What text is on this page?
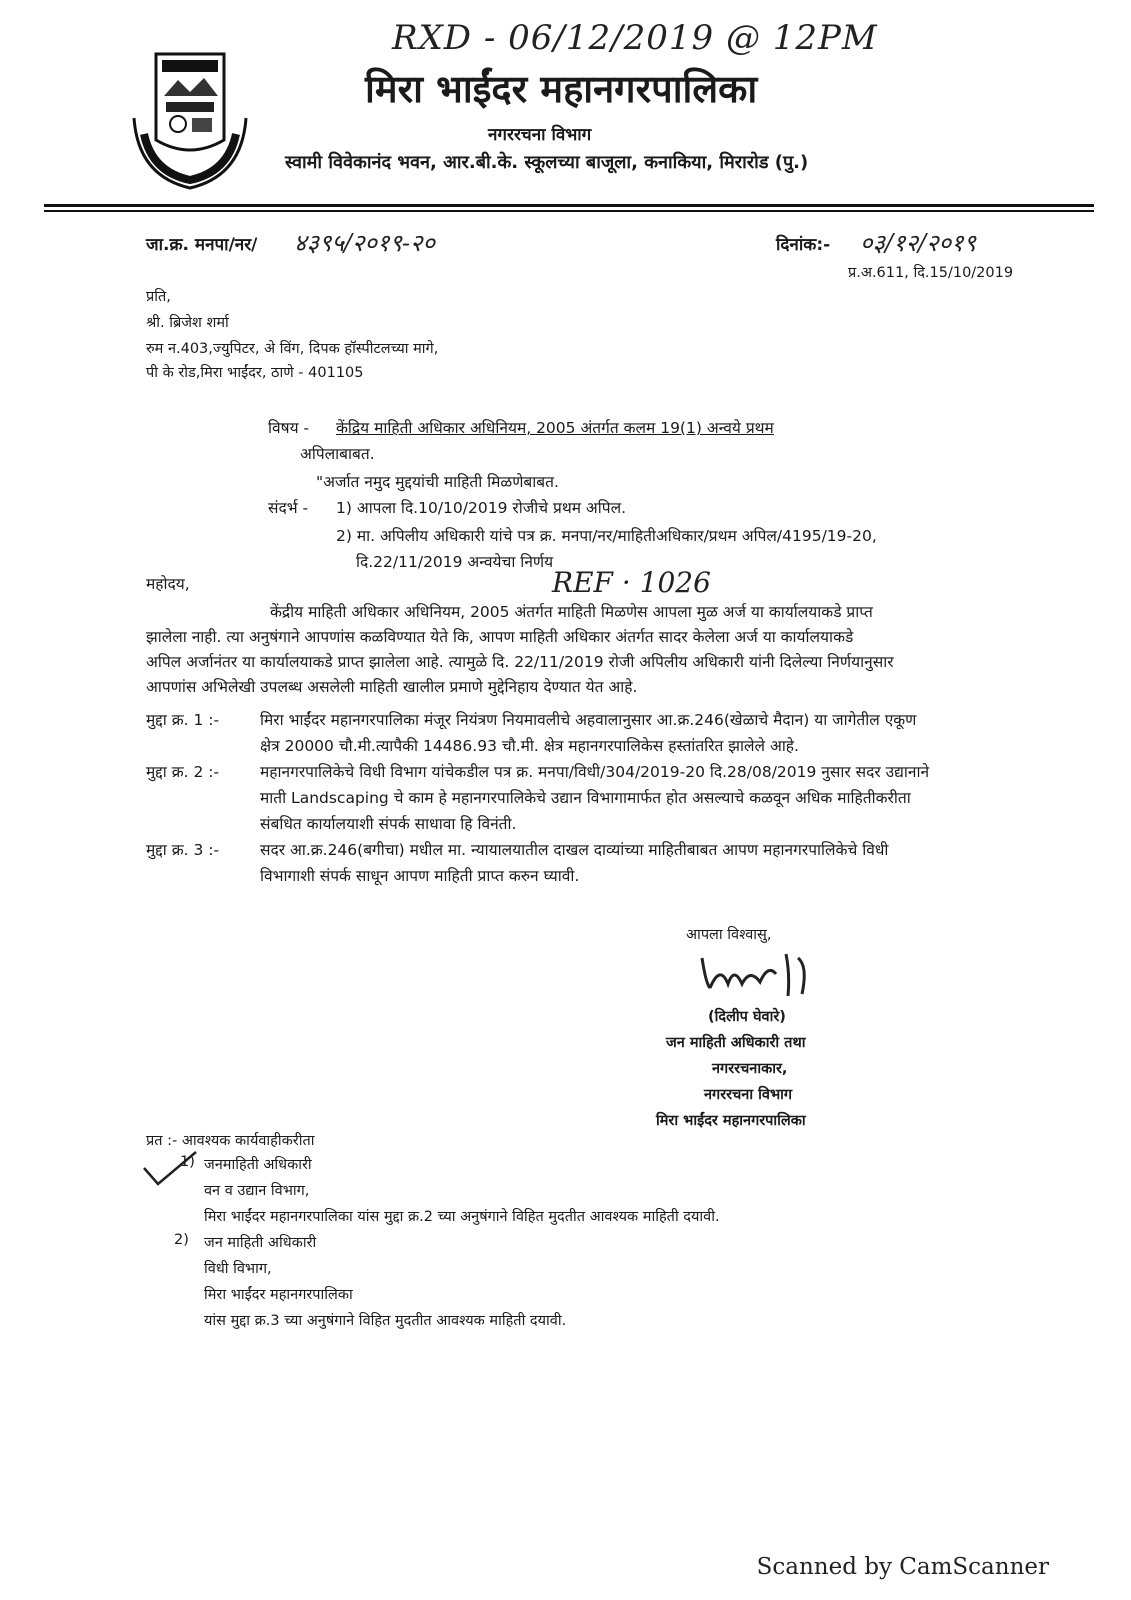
RXD - 06/12/2019 @ 12PM
मिरा भाईंदर महानगरपालिका
नगररचना विभाग
स्वामी विवेकानंद भवन, आर.बी.के. स्कूलच्या बाजूला, कनाकिया, मिरारोड (पु.)
जा.क्र. मनपा/नर/ ४३९५/२०१९-२०	दिनांक:- ०३/१२/२०१९
प्र.अ.611, दि.15/10/2019
प्रति,
श्री. ब्रिजेश शर्मा
रुम न.403,ज्युपिटर, अे विंग, दिपक हॉस्पीटलच्या मागे,
पी के रोड,मिरा भाईंदर, ठाणे - 401105
विषय - केंद्रिय माहिती अधिकार अधिनियम, 2005 अंतर्गत कलम 19(1) अन्वये प्रथम
अपिलाबाबत.
"अर्जात नमुद मुद्दयांची माहिती मिळणेबाबत.
संदर्भ - 1) आपला दि.10/10/2019 रोजीचे प्रथम अपिल.
2) मा. अपिलीय अधिकारी यांचे पत्र क्र. मनपा/नर/माहितीअधिकार/प्रथम अपिल/4195/19-20,
दि.22/11/2019 अन्वयेचा निर्णय
महोदय,	REF · 1026
केंद्रीय माहिती अधिकार अधिनियम, 2005 अंतर्गत माहिती मिळणेस आपला मुळ अर्ज या कार्यालयाकडे प्राप्त
झालेला नाही. त्या अनुषंगाने आपणांस कळविण्यात येते कि, आपण माहिती अधिकार अंतर्गत सादर केलेला अर्ज या कार्यालयाकडे
अपिल अर्जानंतर या कार्यालयाकडे प्राप्त झालेला आहे. त्यामुळे दि. 22/11/2019 रोजी अपिलीय अधिकारी यांनी दिलेल्या निर्णयानुसार
आपणांस अभिलेखी उपलब्ध असलेली माहिती खालील प्रमाणे मुद्देनिहाय देण्यात येत आहे.
मुद्दा क्र. 1 :-	मिरा भाईंदर महानगरपालिका मंजूर नियंत्रण नियमावलीचे अहवालानुसार आ.क्र.246(खेळाचे मैदान) या जागेतील एकूण
क्षेत्र 20000 चौ.मी.त्यापैकी 14486.93 चौ.मी. क्षेत्र महानगरपालिकेस हस्तांतरित झालेले आहे.
मुद्दा क्र. 2 :-	महानगरपालिकेचे विधी विभाग यांचेकडील पत्र क्र. मनपा/विधी/304/2019-20 दि.28/08/2019 नुसार सदर उद्यानाने
माती Landscaping चे काम हे महानगरपालिकेचे उद्यान विभागामार्फत होत असल्याचे कळवून अधिक माहितीकरीता
संबधित कार्यालयाशी संपर्क साधावा हि विनंती.
मुद्दा क्र. 3 :-	सदर आ.क्र.246(बगीचा) मधील मा. न्यायालयातील दाखल दाव्यांच्या माहितीबाबत आपण महानगरपालिकेचे विधी
विभागाशी संपर्क साधून आपण माहिती प्राप्त करुन घ्यावी.
आपला विश्वासु,
(दिलीप घेवारे)
जन माहिती अधिकारी तथा
नगररचनाकार,
नगररचना विभाग
मिरा भाईंदर महानगरपालिका
प्रत :- आवश्यक कार्यवाहीकरीता
1) जनमाहिती अधिकारी
वन व उद्यान विभाग,
मिरा भाईंदर महानगरपालिका यांस मुद्दा क्र.2 च्या अनुषंगाने विहित मुदतीत आवश्यक माहिती दयावी.
2) जन माहिती अधिकारी
विधी विभाग,
मिरा भाईंदर महानगरपालिका
यांस मुद्दा क्र.3 च्या अनुषंगाने विहित मुदतीत आवश्यक माहिती दयावी.
Scanned by CamScanner
